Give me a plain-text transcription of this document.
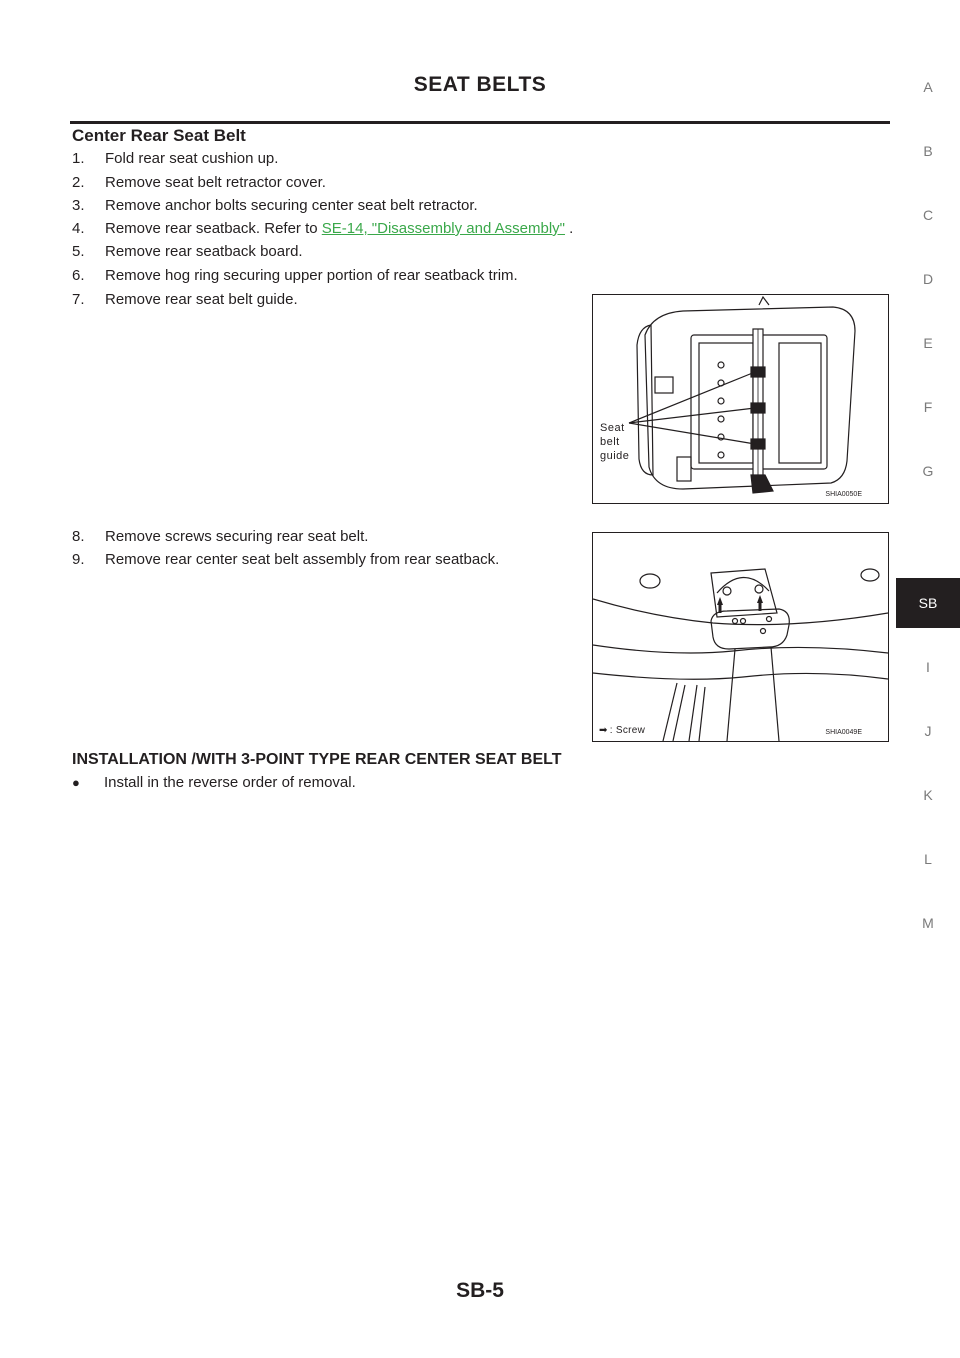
SEAT BELTS
Center Rear Seat Belt
1. Fold rear seat cushion up.
2. Remove seat belt retractor cover.
3. Remove anchor bolts securing center seat belt retractor.
4. Remove rear seatback. Refer to SE-14, "Disassembly and Assembly" .
5. Remove rear seatback board.
6. Remove hog ring securing upper portion of rear seatback trim.
7. Remove rear seat belt guide.
8. Remove screws securing rear seat belt.
9. Remove rear center seat belt assembly from rear seatback.
Seat
belt
guide
SHIA0050E
➡ : Screw	SHIA0049E
INSTALLATION /WITH 3-POINT TYPE REAR CENTER SEAT BELT
● Install in the reverse order of removal.
A
B
C
D
E
F
G
SB
I
J
K
L
M
SB-5
